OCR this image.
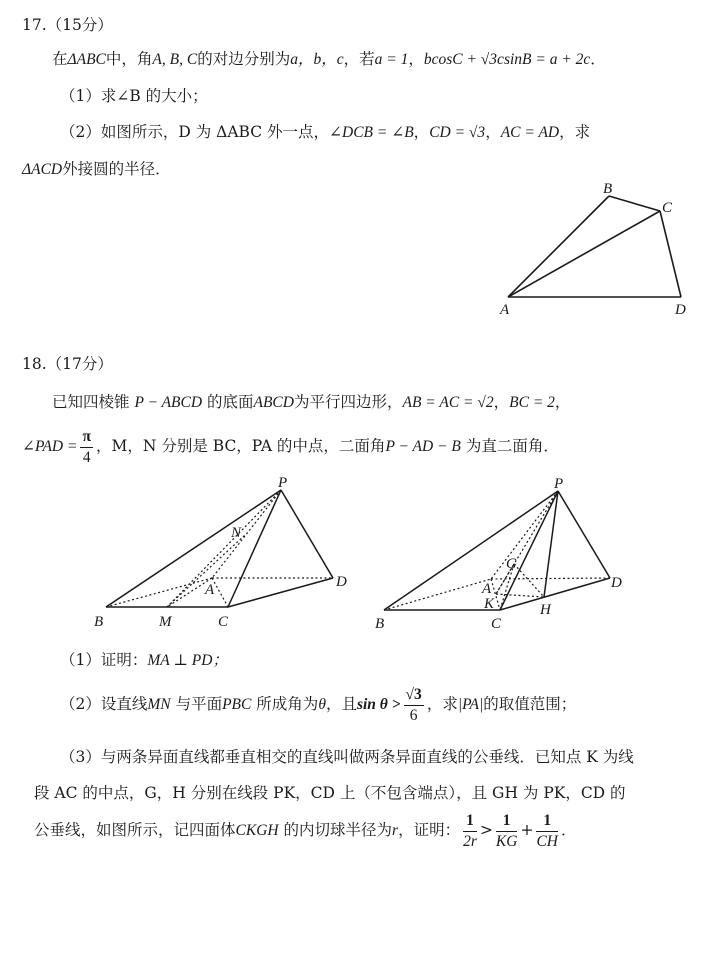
17.（15分）
在ΔABC中，角A, B, C的对边分别为a，b，c，若a = 1，bcosC + √3csinB = a + 2c．
（1）求∠B 的大小；
（2）如图所示，D 为 ΔABC 外一点，∠DCB = ∠B，CD = √3，AC = AD，求
ΔACD外接圆的半径．
B
C
A	D
18.（17分）
已知四棱锥 P − ABCD 的底面ABCD为平行四边形，AB = AC = √2，BC = 2，
∠PAD = $\frac{\pi}{4}$ ，M，N 分别是 BC，PA 的中点，二面角P − AD − B 为直二面角．
P
N
A	D
B	M	C
P
G
A
K
D
B	C
H
（1）证明：MA ⊥ PD；
（2）设直线MN 与平面PBC 所成角为θ，且$\sin \theta > \frac{√3}{6}$ ，求|PA|的取值范围；
（3）与两条异面直线都垂直相交的直线叫做两条异面直线的公垂线．已知点 K 为线
段 AC 的中点，G，H 分别在线段 PK，CD 上（不包含端点），且 GH 为 PK，CD 的
公垂线，如图所示，记四面体CKGH 的内切球半径为r，证明： $\frac{1}{2r} > \frac{1}{KG} + \frac{1}{CH}$ ．
